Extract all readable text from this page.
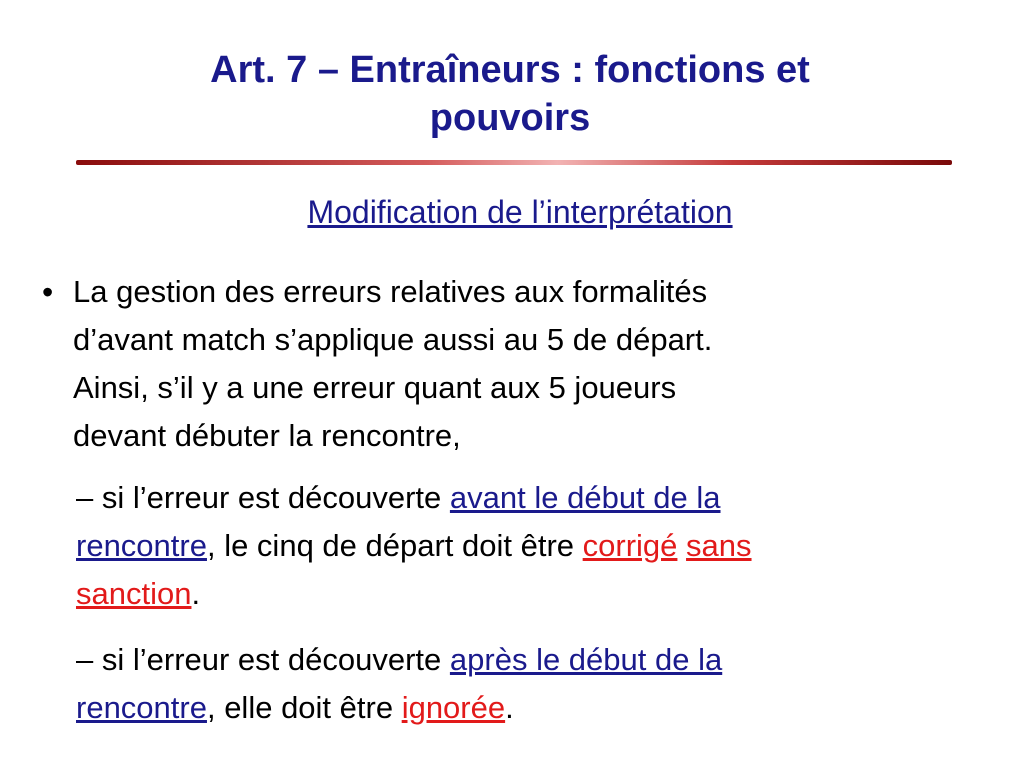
Art. 7 – Entraîneurs : fonctions et
pouvoirs
Modification de l’interprétation
• La gestion des erreurs relatives aux formalités
d’avant match s’applique aussi au 5 de départ.
Ainsi, s’il y a une erreur quant aux 5 joueurs
devant débuter la rencontre,
– si l’erreur est découverte avant le début de la
rencontre, le cinq de départ doit être corrigé sans
sanction.
– si l’erreur est découverte après le début de la
rencontre, elle doit être ignorée.
